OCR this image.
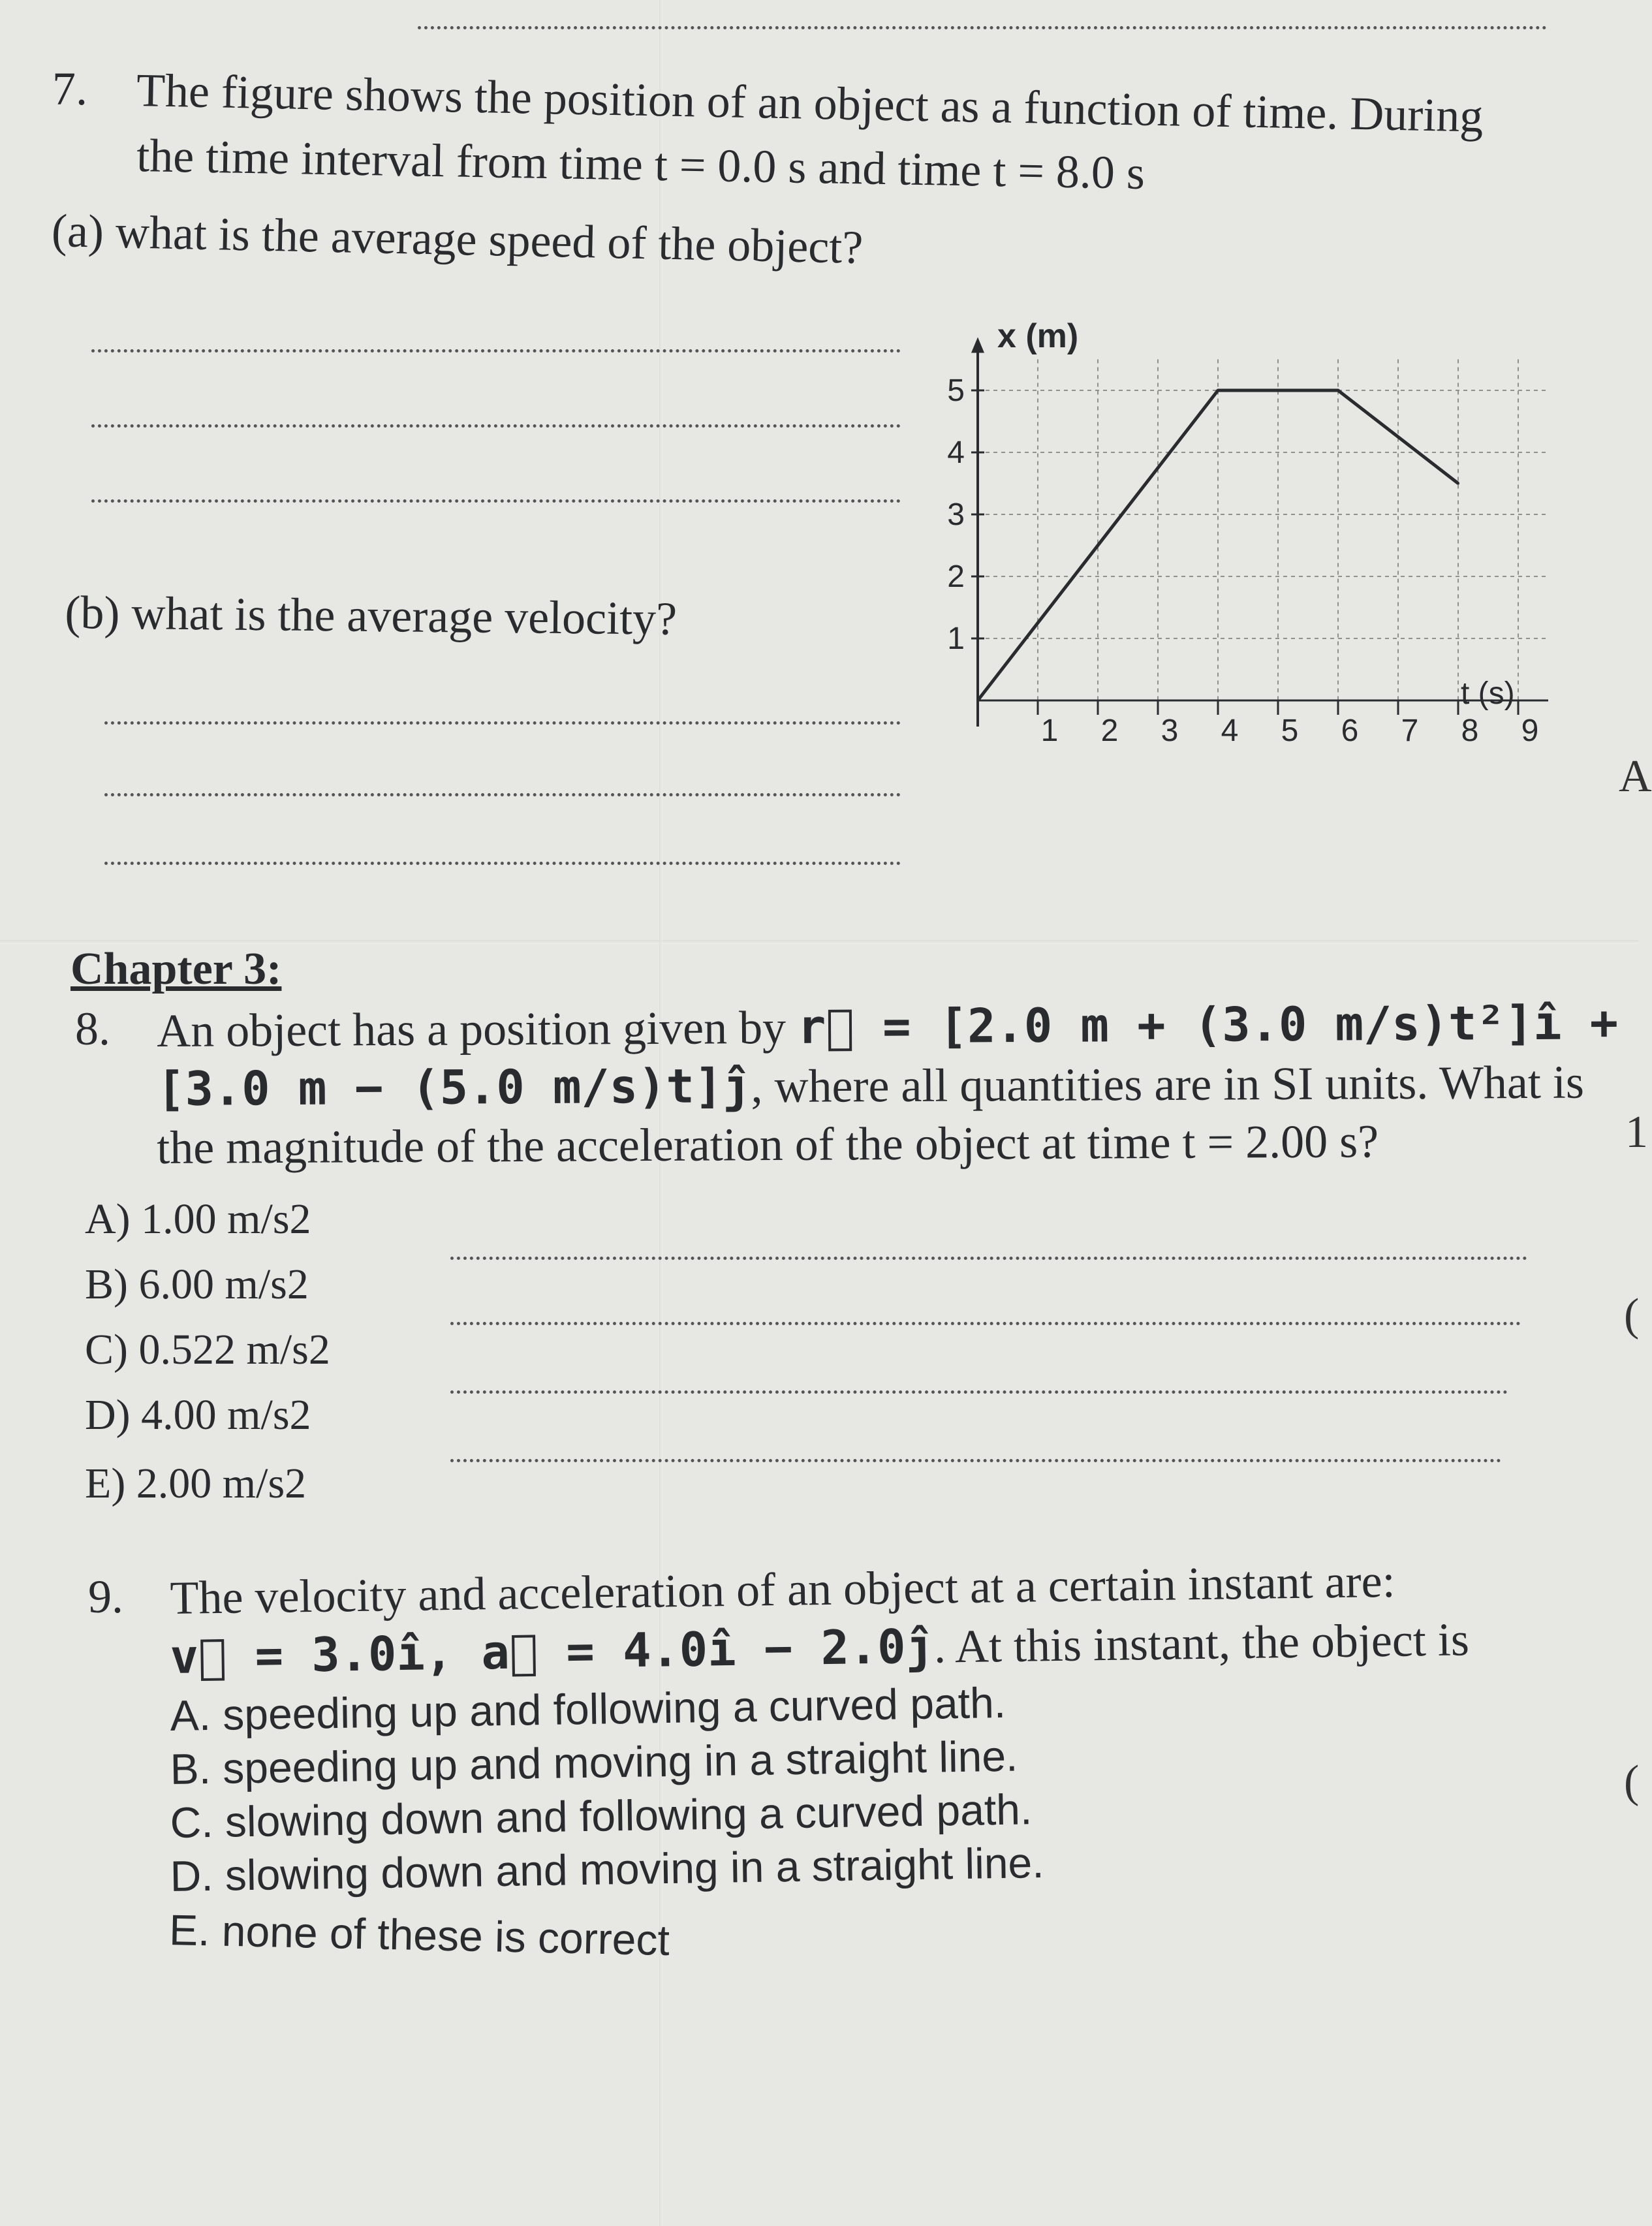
7. The figure shows the position of an object as a function of time. During
the time interval from time t = 0.0 s and time t = 8.0 s
(a) what is the average speed of the object?
(b) what is the average velocity?
1 2 3 4 5 6 7 8 9
1
2
3
4
5
x (m)
t (s)
Chapter 3:
8. An object has a position given by r⃗ = [2.0 m + (3.0 m/s)t²]î +
[3.0 m − (5.0 m/s)t]ĵ, where all quantities are in SI units. What is
the magnitude of the acceleration of the object at time t = 2.00 s?
A) 1.00 m/s2
B) 6.00 m/s2
C) 0.522 m/s2
D) 4.00 m/s2
E) 2.00 m/s2
9. The velocity and acceleration of an object at a certain instant are:
v⃗ = 3.0î, a⃗ = 4.0î − 2.0ĵ. At this instant, the object is
A. speeding up and following a curved path.
B. speeding up and moving in a straight line.
C. slowing down and following a curved path.
D. slowing down and moving in a straight line.
E. none of these is correct
A
1
(
(
